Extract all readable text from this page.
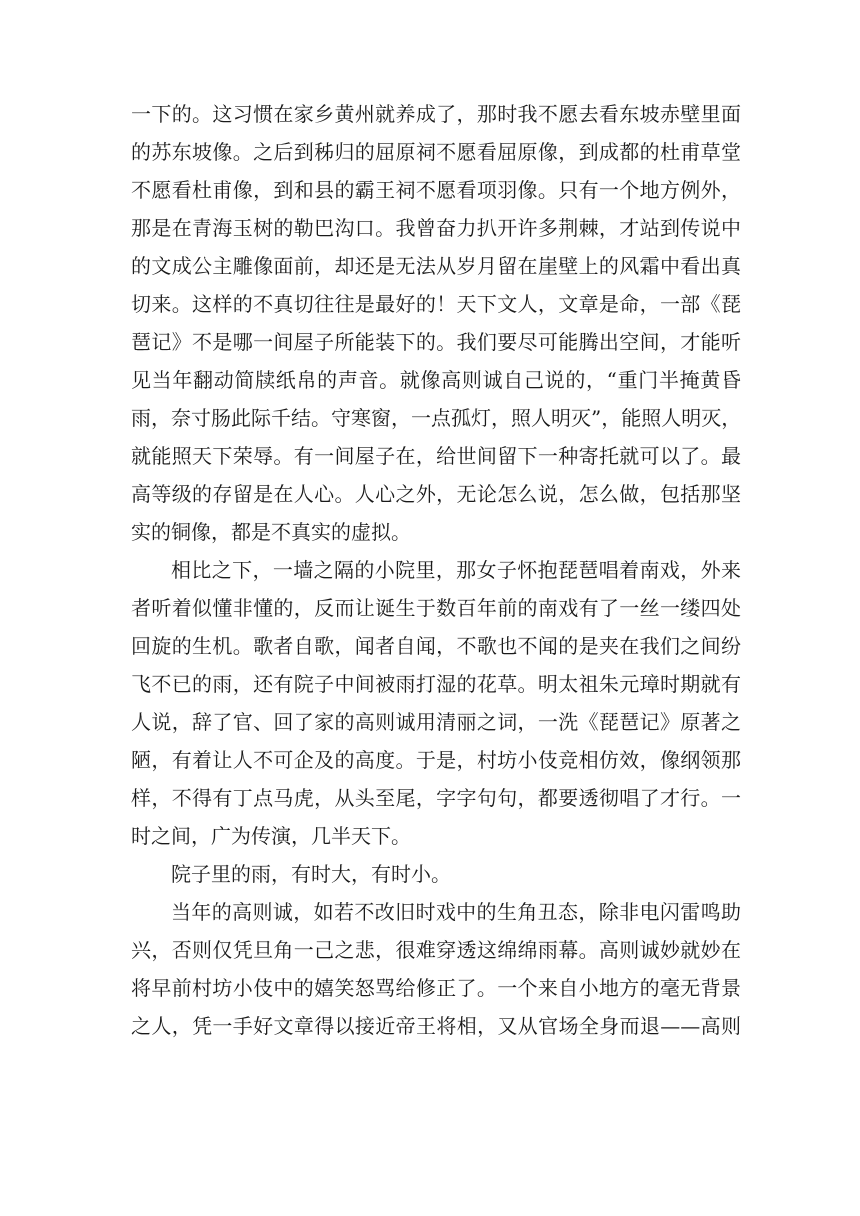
一下的。这习惯在家乡黄州就养成了，那时我不愿去看东坡赤壁里面
的苏东坡像。之后到秭归的屈原祠不愿看屈原像，到成都的杜甫草堂
不愿看杜甫像，到和县的霸王祠不愿看项羽像。只有一个地方例外，
那是在青海玉树的勒巴沟口。我曾奋力扒开许多荆棘，才站到传说中
的文成公主雕像面前，却还是无法从岁月留在崖壁上的风霜中看出真
切来。这样的不真切往往是最好的！天下文人，文章是命，一部《琵
琶记》不是哪一间屋子所能装下的。我们要尽可能腾出空间，才能听
见当年翻动简牍纸帛的声音。就像高则诚自己说的，“重门半掩黄昏
雨，奈寸肠此际千结。守寒窗，一点孤灯，照人明灭”，能照人明灭，
就能照天下荣辱。有一间屋子在，给世间留下一种寄托就可以了。最
高等级的存留是在人心。人心之外，无论怎么说，怎么做，包括那坚
实的铜像，都是不真实的虚拟。
相比之下，一墙之隔的小院里，那女子怀抱琵琶唱着南戏，外来
者听着似懂非懂的，反而让诞生于数百年前的南戏有了一丝一缕四处
回旋的生机。歌者自歌，闻者自闻，不歌也不闻的是夹在我们之间纷
飞不已的雨，还有院子中间被雨打湿的花草。明太祖朱元璋时期就有
人说，辞了官、回了家的高则诚用清丽之词，一洗《琵琶记》原著之
陋，有着让人不可企及的高度。于是，村坊小伎竞相仿效，像纲领那
样，不得有丁点马虎，从头至尾，字字句句，都要透彻唱了才行。一
时之间，广为传演，几半天下。
院子里的雨，有时大，有时小。
当年的高则诚，如若不改旧时戏中的生角丑态，除非电闪雷鸣助
兴，否则仅凭旦角一己之悲，很难穿透这绵绵雨幕。高则诚妙就妙在
将早前村坊小伎中的嬉笑怒骂给修正了。一个来自小地方的毫无背景
之人，凭一手好文章得以接近帝王将相，又从官场全身而退——高则
